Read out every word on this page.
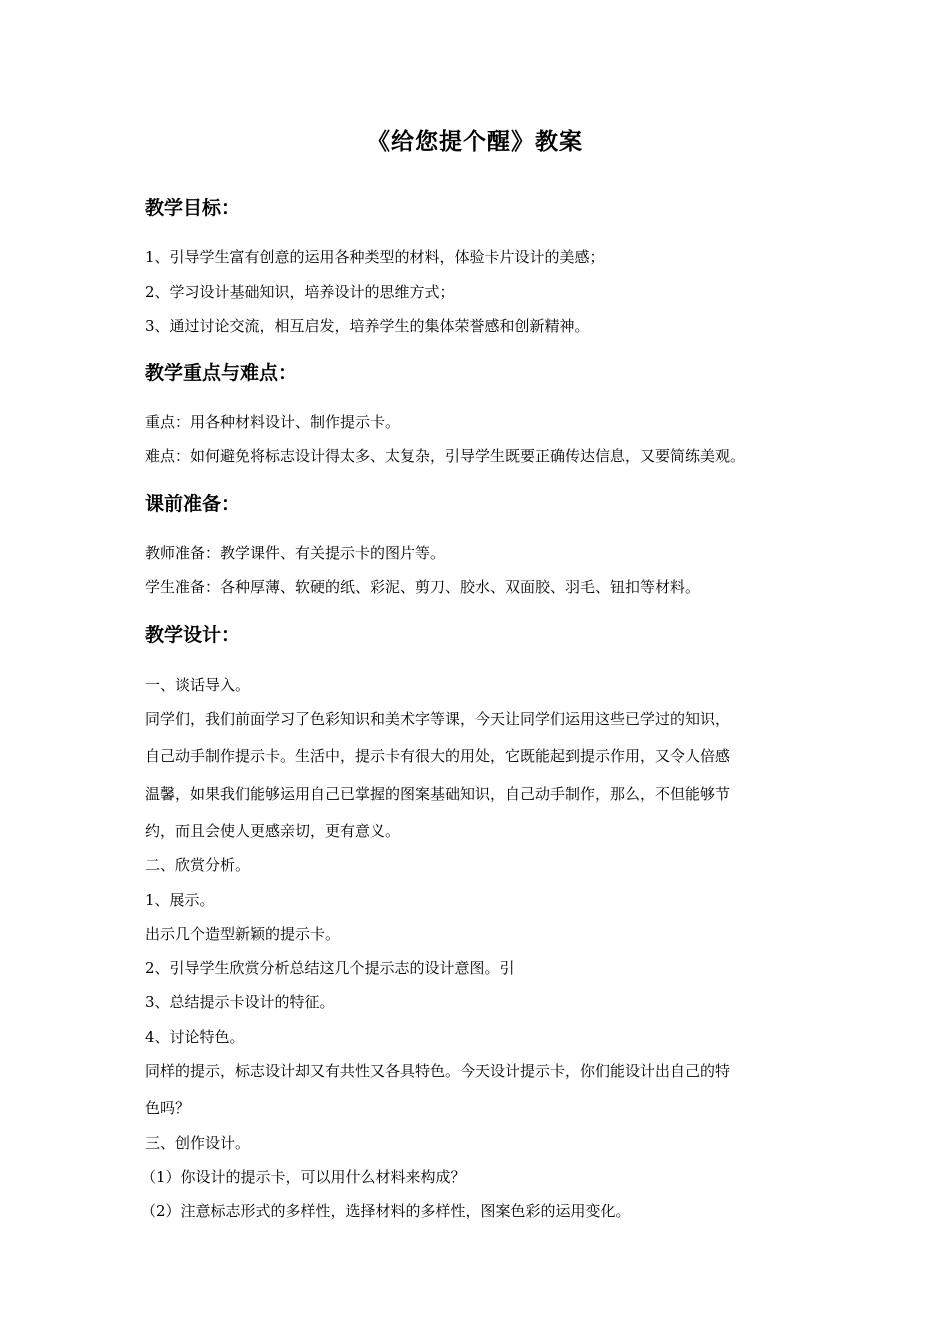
《给您提个醒》教案
教学目标：
1、引导学生富有创意的运用各种类型的材料，体验卡片设计的美感；
2、学习设计基础知识，培养设计的思维方式；
3、通过讨论交流，相互启发，培养学生的集体荣誉感和创新精神。
教学重点与难点：
重点：用各种材料设计、制作提示卡。
难点：如何避免将标志设计得太多、太复杂，引导学生既要正确传达信息，又要简练美观。
课前准备：
教师准备：教学课件、有关提示卡的图片等。
学生准备：各种厚薄、软硬的纸、彩泥、剪刀、胶水、双面胶、羽毛、钮扣等材料。
教学设计：
一、谈话导入。
同学们，我们前面学习了色彩知识和美术字等课，今天让同学们运用这些已学过的知识，
自己动手制作提示卡。生活中，提示卡有很大的用处，它既能起到提示作用，又令人倍感
温馨，如果我们能够运用自己已掌握的图案基础知识，自己动手制作，那么，不但能够节
约，而且会使人更感亲切，更有意义。
二、欣赏分析。
1、展示。
出示几个造型新颖的提示卡。
2、引导学生欣赏分析总结这几个提示志的设计意图。引
3、总结提示卡设计的特征。
4、讨论特色。
同样的提示，标志设计却又有共性又各具特色。今天设计提示卡，你们能设计出自己的特
色吗？
三、创作设计。
（1）你设计的提示卡，可以用什么材料来构成？
（2）注意标志形式的多样性，选择材料的多样性，图案色彩的运用变化。
